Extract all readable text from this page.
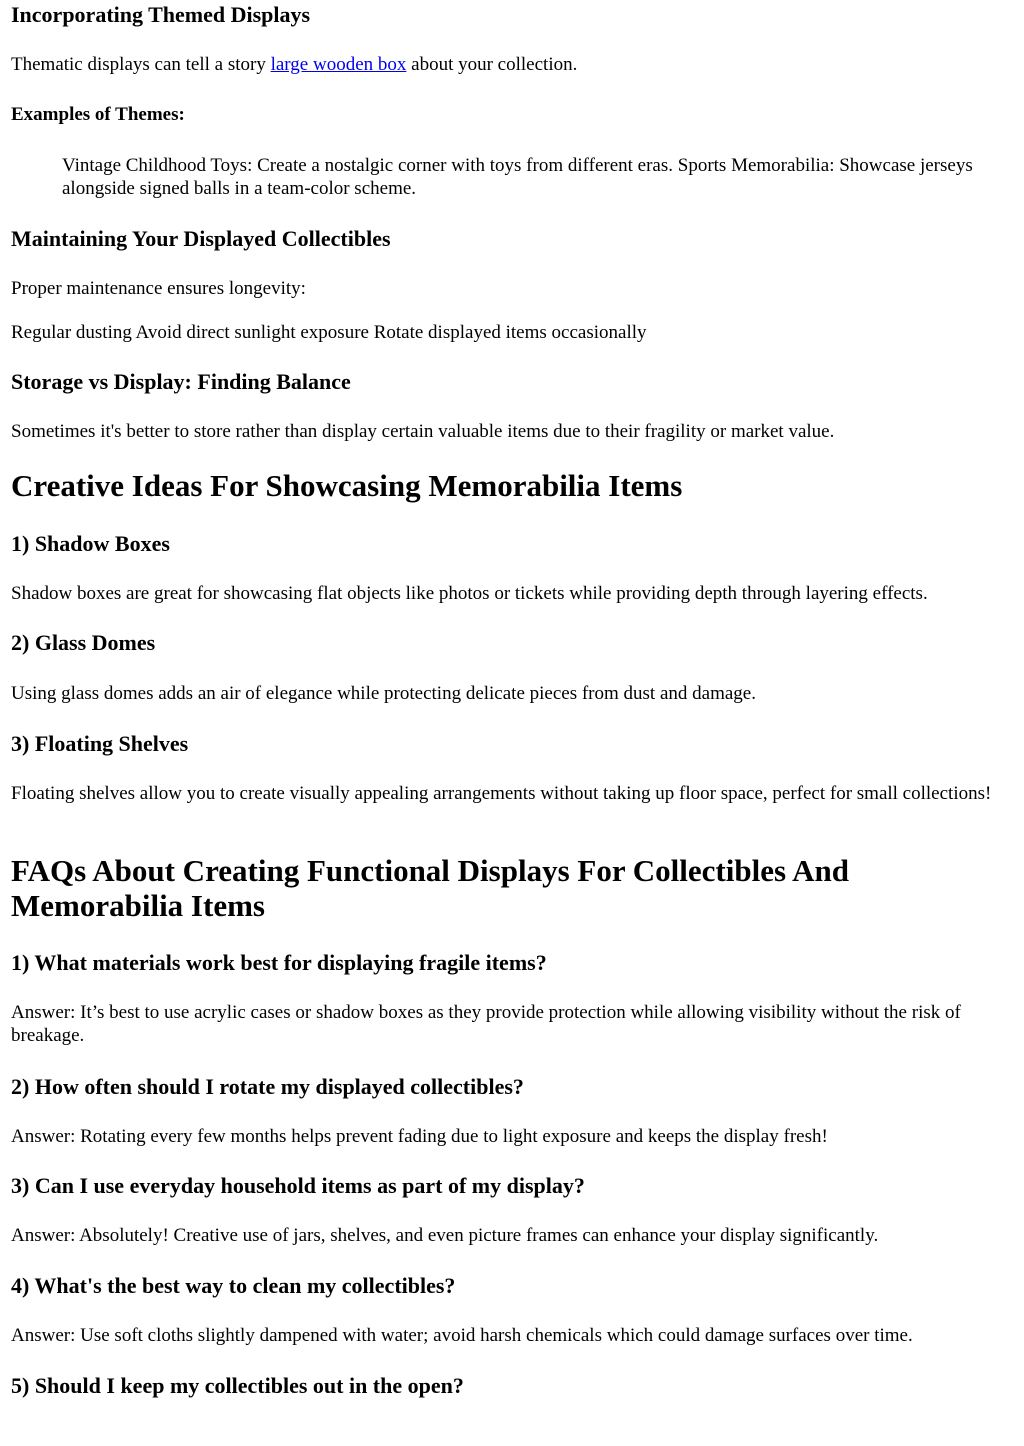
Incorporating Themed Displays

Thematic displays can tell a story large wooden box about your collection.

Examples of Themes:

Vintage Childhood Toys: Create a nostalgic corner with toys from different eras. Sports Memorabilia: Showcase jerseys alongside signed balls in a team-color scheme.

Maintaining Your Displayed Collectibles

Proper maintenance ensures longevity:

Regular dusting Avoid direct sunlight exposure Rotate displayed items occasionally

Storage vs Display: Finding Balance

Sometimes it's better to store rather than display certain valuable items due to their fragility or market value.

Creative Ideas For Showcasing Memorabilia Items
1) Shadow Boxes

Shadow boxes are great for showcasing flat objects like photos or tickets while providing depth through layering effects.

2) Glass Domes

Using glass domes adds an air of elegance while protecting delicate pieces from dust and damage.

3) Floating Shelves

Floating shelves allow you to create visually appealing arrangements without taking up floor space, perfect for small collections!

FAQs About Creating Functional Displays For Collectibles And Memorabilia Items
1) What materials work best for displaying fragile items?

Answer: It’s best to use acrylic cases or shadow boxes as they provide protection while allowing visibility without the risk of breakage.

2) How often should I rotate my displayed collectibles?

Answer: Rotating every few months helps prevent fading due to light exposure and keeps the display fresh!

3) Can I use everyday household items as part of my display?

Answer: Absolutely! Creative use of jars, shelves, and even picture frames can enhance your display significantly.

4) What's the best way to clean my collectibles?

Answer: Use soft cloths slightly dampened with water; avoid harsh chemicals which could damage surfaces over time.

5) Should I keep my collectibles out in the open?
